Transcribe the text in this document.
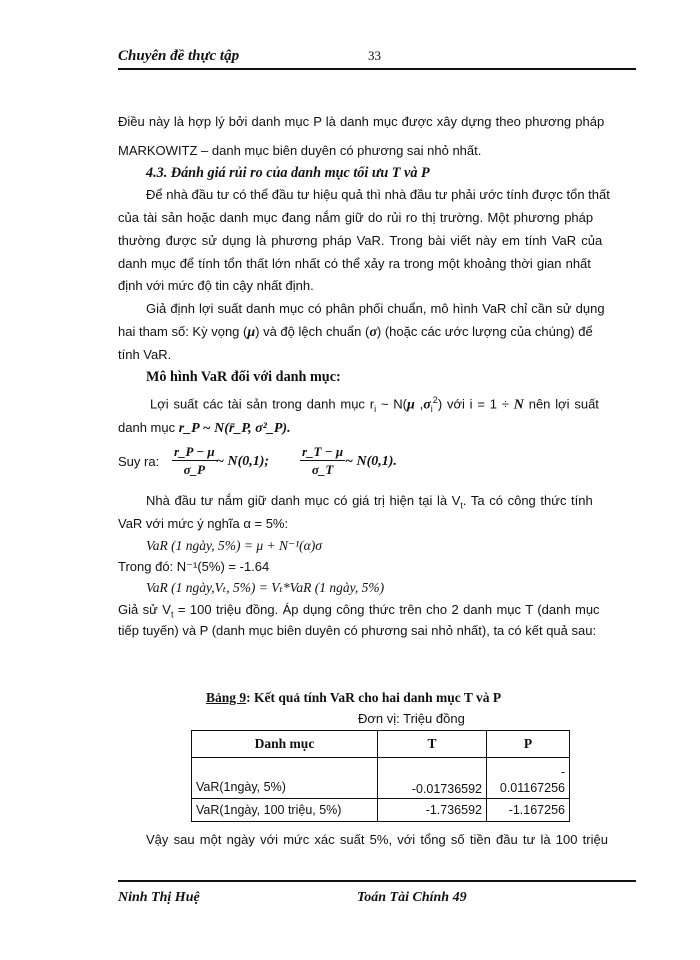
Chuyên đề thực tập	33
Điều này là hợp lý bởi danh mục P là danh mục được xây dựng theo phương pháp
MARKOWITZ – danh mục biên duyên có phương sai nhỏ nhất.
4.3. Đánh giá rủi ro của danh mục tối ưu T và P
Để nhà đầu tư có thể đầu tư hiệu quả thì nhà đầu tư phải ước tính được tổn thất
của tài sản hoặc danh mục đang nắm giữ do rủi ro thị trường. Một phương pháp
thường được sử dụng là phương pháp VaR. Trong bài viết này em tính VaR của
danh mục để tính tổn thất lớn nhất có thể xảy ra trong một khoảng thời gian nhất
định với mức độ tin cậy nhất định.
Giả định lợi suất danh mục có phân phối chuẩn, mô hình VaR chỉ cần sử dụng
hai tham số: Kỳ vọng (μ) và độ lệch chuẩn (σ) (hoặc các ước lượng của chúng) để
tính VaR.
Mô hình VaR đối với danh mục:
Lợi suất các tài sản trong danh mục $r_i$ ~ N(μ $,\sigma_i^2$) với i = 1 ÷ N nên lợi suất
danh mục r_P ~ N(r̄_P, σ²_P).
Suy ra: $\frac{r\_P - \mu}{\sigma\_P}$ ~ N(0,1); $\frac{r\_T - \mu}{\sigma\_T}$ ~ N(0,1).
Nhà đầu tư nắm giữ danh mục có giá trị hiện tại là $V_t$. Ta có công thức tính
VaR với mức ý nghĩa α = 5%:
VaR (1 ngày, 5%) = μ + N⁻¹(α)σ
Trong đó: N⁻¹(5%) = -1.64
VaR (1 ngày,Vₜ, 5%) = Vₜ*VaR (1 ngày, 5%)
Giả sử $V_t = 100$ triệu đồng. Áp dụng công thức trên cho 2 danh mục T (danh mục
tiếp tuyến) và P (danh mục biên duyên có phương sai nhỏ nhất), ta có kết quả sau:
Bảng 9: Kết quả tính VaR cho hai danh mục T và P
Đơn vị: Triệu đồng
Danh mục	T	P
VaR(1ngày, 5%)	-0.01736592	-
0.01167256

VaR(1ngày, 100 triệu, 5%)	-1.736592	-1.167256
Vậy sau một ngày với mức xác suất 5%, với tổng số tiền đầu tư là 100 triệu
Ninh Thị Huệ	Toán Tài Chính 49
